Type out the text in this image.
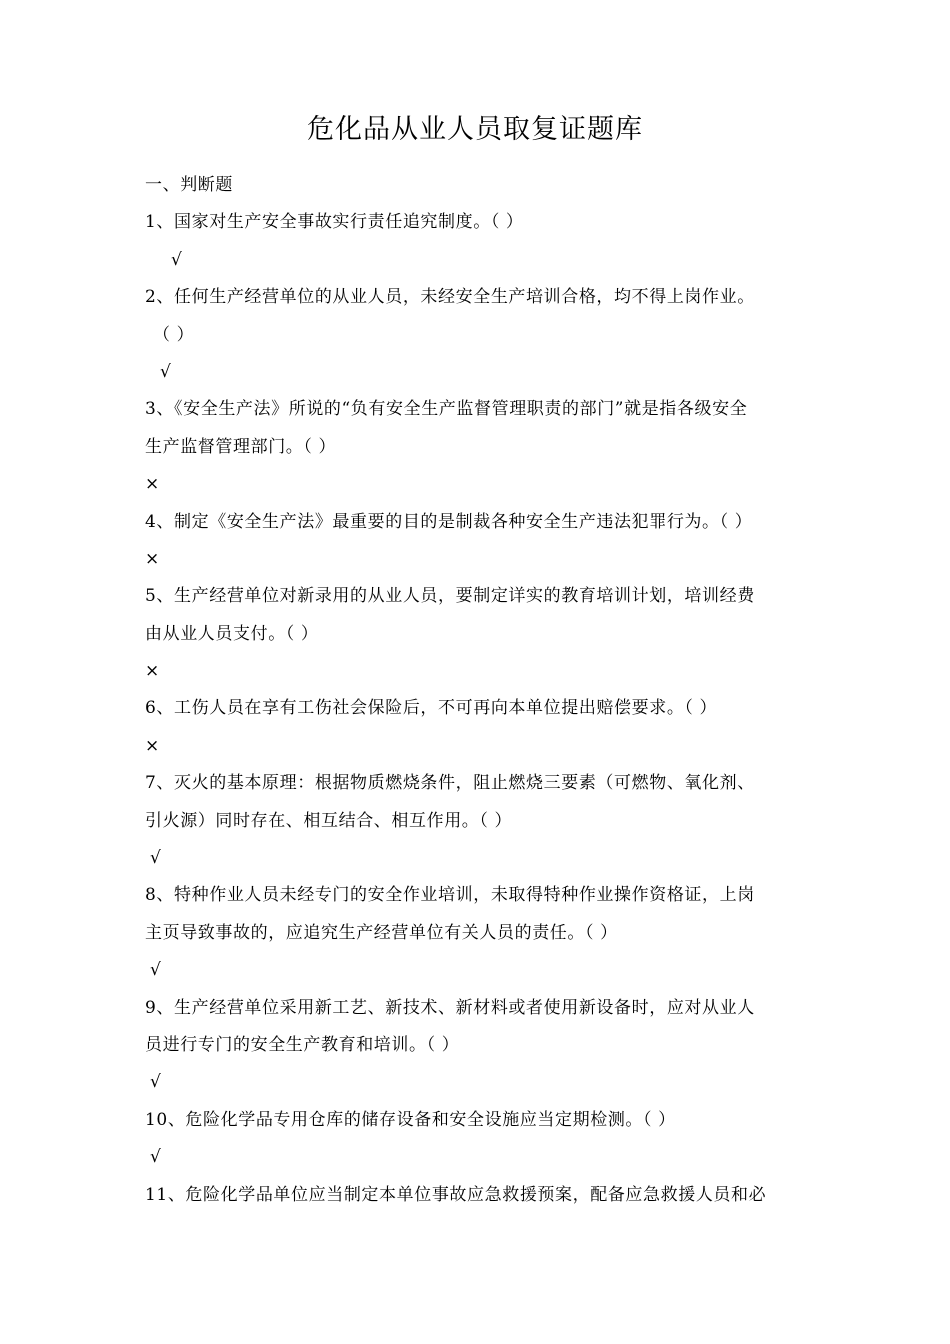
危化品从业人员取复证题库

一、判断题

1、国家对生产安全事故实行责任追究制度。（ ）

√

2、任何生产经营单位的从业人员，未经安全生产培训合格，均不得上岗作业。

（ ）

√

3、《安全生产法》所说的“负有安全生产监督管理职责的部门”就是指各级安全

生产监督管理部门。（ ）

×

4、制定《安全生产法》最重要的目的是制裁各种安全生产违法犯罪行为。（ ）

×

5、生产经营单位对新录用的从业人员，要制定详实的教育培训计划，培训经费

由从业人员支付。（ ）

×

6、工伤人员在享有工伤社会保险后，不可再向本单位提出赔偿要求。（ ）

×

7、灭火的基本原理：根据物质燃烧条件，阻止燃烧三要素（可燃物、氧化剂、

引火源）同时存在、相互结合、相互作用。（ ）

√

8、特种作业人员未经专门的安全作业培训，未取得特种作业操作资格证，上岗

主页导致事故的，应追究生产经营单位有关人员的责任。（ ）

√

9、生产经营单位采用新工艺、新技术、新材料或者使用新设备时，应对从业人

员进行专门的安全生产教育和培训。（ ）

√

10、危险化学品专用仓库的储存设备和安全设施应当定期检测。（ ）

√

11、危险化学品单位应当制定本单位事故应急救援预案，配备应急救援人员和必
